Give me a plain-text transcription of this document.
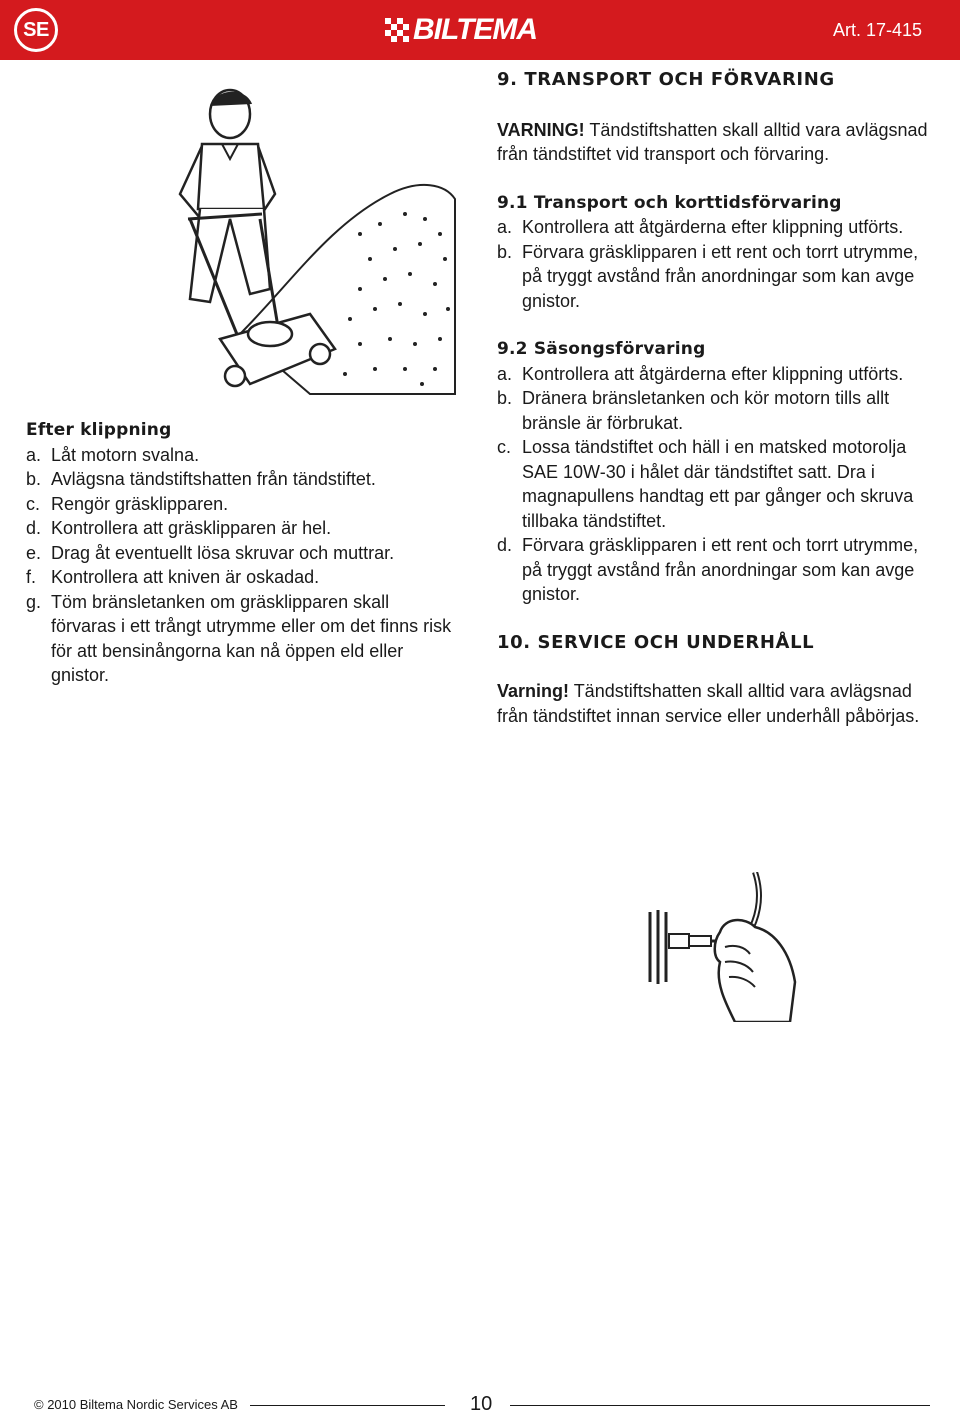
SE	BILTEMA	Art. 17-415
Efter klippning
a. Låt motorn svalna.
b. Avlägsna tändstiftshatten från tändstiftet.
c. Rengör gräsklipparen.
d. Kontrollera att gräsklipparen är hel.
e. Drag åt eventuellt lösa skruvar och muttrar.
f. Kontrollera att kniven är oskadad.
g. Töm bränsletanken om gräsklipparen skall förvaras i ett trångt utrymme eller om det finns risk för att bensinångorna kan nå öppen eld eller gnistor.
9. TRANSPORT OCH FÖRVARING

VARNING! Tändstiftshatten skall alltid vara avlägsnad från tändstiftet vid transport och förvaring.

9.1 Transport och korttidsförvaring
a. Kontrollera att åtgärderna efter klippning utförts.
b. Förvara gräsklipparen i ett rent och torrt utrymme, på tryggt avstånd från anordningar som kan avge gnistor.
9.2 Säsongsförvaring
a. Kontrollera att åtgärderna efter klippning utförts.
b. Dränera bränsletanken och kör motorn tills allt bränsle är förbrukat.
c. Lossa tändstiftet och häll i en matsked motorolja SAE 10W-30 i hålet där tändstiftet satt. Dra i magnapullens handtag ett par gånger och skruva tillbaka tändstiftet.
d. Förvara gräsklipparen i ett rent och torrt utrymme, på tryggt avstånd från anordningar som kan avge gnistor.
10. SERVICE OCH UNDERHÅLL

Varning! Tändstiftshatten skall alltid vara avlägsnad från tändstiftet innan service eller underhåll påbörjas.

© 2010 Biltema Nordic Services AB	10
